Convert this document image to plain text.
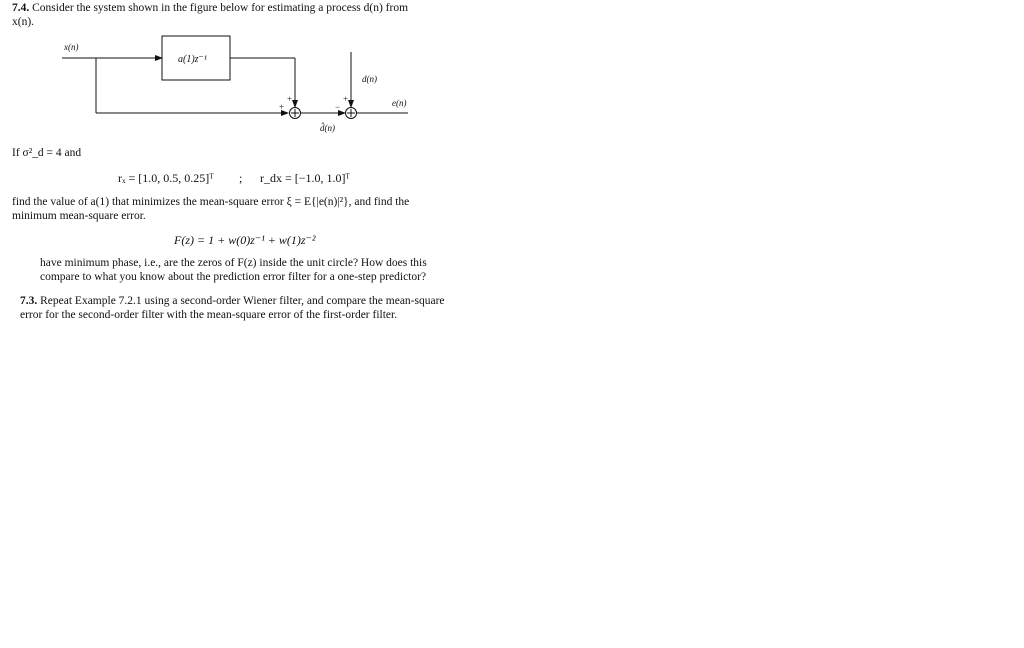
7.4. Consider the system shown in the figure below for estimating a process d(n) from
x(n).
a(1)z⁻¹
x(n)
d(n)
e(n)
d̂(n)
+
+
+
−
If σ²_d = 4 and
rₓ = [1.0, 0.5, 0.25]ᵀ ; r_dx = [−1.0, 1.0]ᵀ
find the value of a(1) that minimizes the mean-square error ξ = E{|e(n)|²}, and find the
minimum mean-square error.
F(z) = 1 + w(0)z⁻¹ + w(1)z⁻²
have minimum phase, i.e., are the zeros of F(z) inside the unit circle? How does this
compare to what you know about the prediction error filter for a one-step predictor?
7.3. Repeat Example 7.2.1 using a second-order Wiener filter, and compare the mean-square
error for the second-order filter with the mean-square error of the first-order filter.
